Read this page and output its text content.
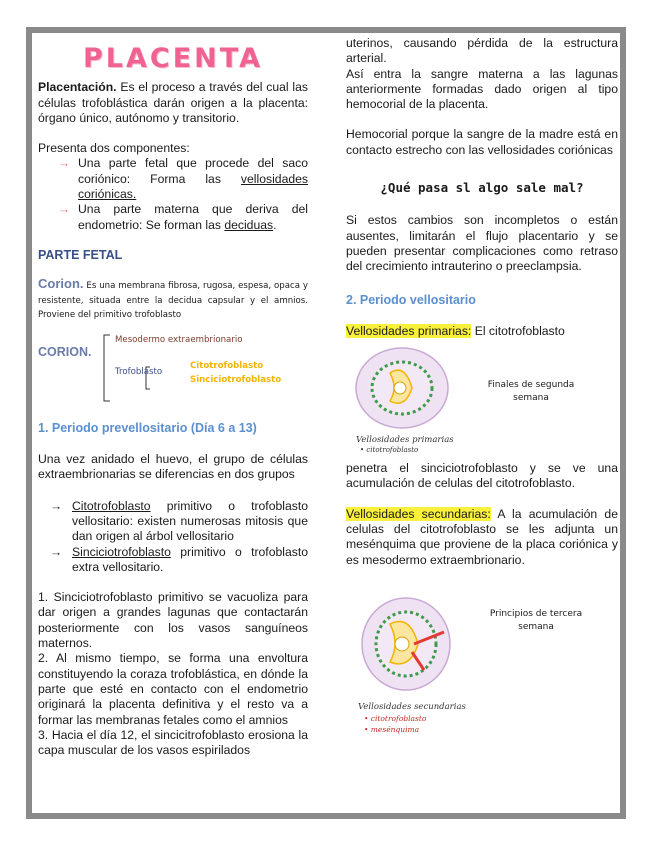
PLACENTA

Placentación. Es el proceso a través del cual las células trofoblástica darán origen a la placenta: órgano único, autónomo y transitorio.

Presenta dos componentes:

→ Una parte fetal que procede del saco coriónico: Forma las vellosidades coriónicas.
→ Una parte materna que deriva del endometrio: Se forman las deciduas.

PARTE FETAL

Corion. Es una membrana fibrosa, rugosa, espesa, opaca y resistente, situada entre la decidua capsular y el amnios. Proviene del primitivo trofoblasto

CORION.
Mesodermo extraembrionario
Trofoblasto
Citotrofoblasto
Sinciciotrofoblasto

1. Periodo prevellositario (Día 6 a 13)

Una vez anidado el huevo, el grupo de células extraembrionarias se diferencias en dos grupos

→ Citotrofoblasto primitivo o trofoblasto vellositario: existen numerosas mitosis que dan origen al árbol vellositario
→ Sinciciotrofoblasto primitivo o trofoblasto extra vellositario.

1. Sinciciotrofoblasto primitivo se vacuoliza para dar origen a grandes lagunas que contactarán posteriormente con los vasos sanguíneos maternos.

2. Al mismo tiempo, se forma una envoltura constituyendo la coraza trofoblástica, en dónde la parte que esté en contacto con el endometrio originará la placenta definitiva y el resto va a formar las membranas fetales como el amnios

3. Hacia el día 12, el sincicitrofoblasto erosiona la capa muscular de los vasos espirilados

uterinos, causando pérdida de la estructura arterial.

Así entra la sangre materna a las lagunas anteriormente formadas dado origen al tipo hemocorial de la placenta.

Hemocorial porque la sangre de la madre está en contacto estrecho con las vellosidades coriónicas

¿Qué pasa sl algo sale mal?

Si estos cambios son incompletos o están ausentes, limitarán el flujo placentario y se pueden presentar complicaciones como retraso del crecimiento intrauterino o preeclampsia.

2. Periodo vellositario

Vellosidades primarias: El citotrofoblasto

Finales de segunda semana
Vellosidades primarias
• citotrofoblasto

penetra el sinciciotrofoblasto y se ve una acumulación de celulas del citotrofoblasto.

Vellosidades secundarias: A la acumulación de celulas del citotrofoblasto se les adjunta un mesénquima que proviene de la placa coriónica y es mesodermo extraembrionario.

Principios de tercera semana
Vellosidades secundarias
• citotrofoblasto
• mesénquima
